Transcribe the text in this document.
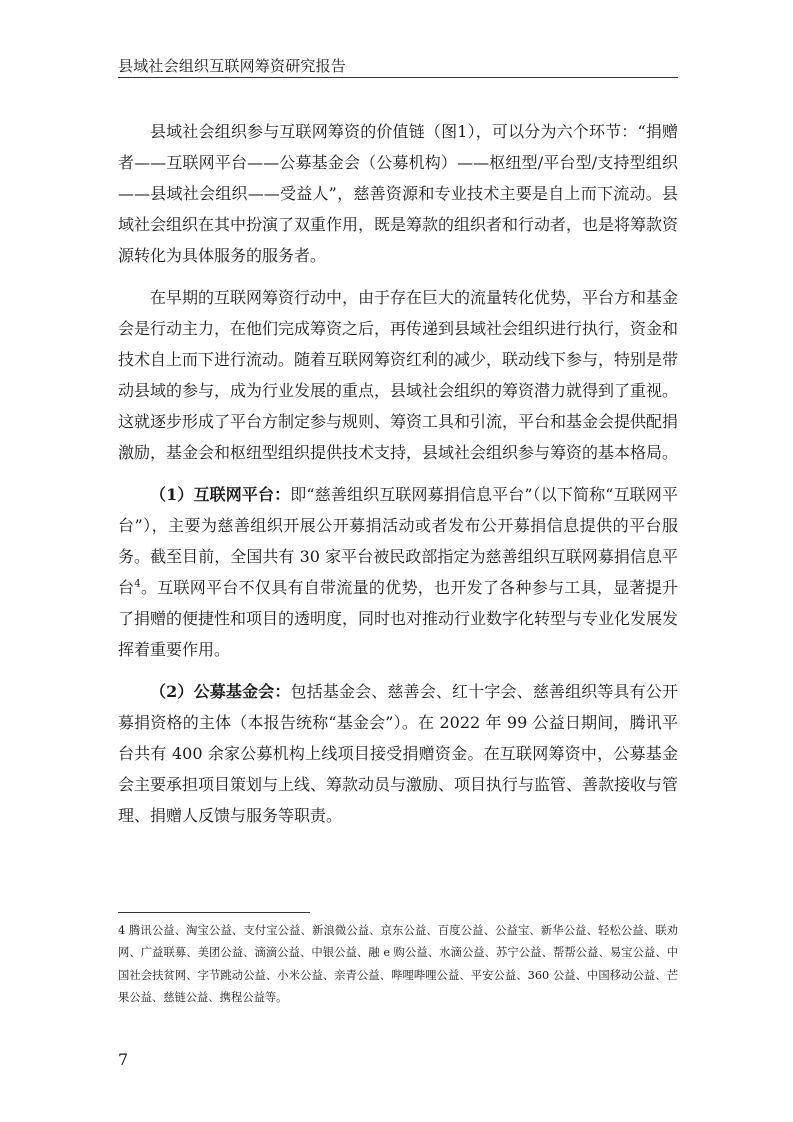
县域社会组织互联网筹资研究报告

县域社会组织参与互联网筹资的价值链（图1），可以分为六个环节：“捐赠者——互联网平台——公募基金会（公募机构）——枢纽型/平台型/支持型组织——县域社会组织——受益人”，慈善资源和专业技术主要是自上而下流动。县域社会组织在其中扮演了双重作用，既是筹款的组织者和行动者，也是将筹款资源转化为具体服务的服务者。

在早期的互联网筹资行动中，由于存在巨大的流量转化优势，平台方和基金会是行动主力，在他们完成筹资之后，再传递到县域社会组织进行执行，资金和技术自上而下进行流动。随着互联网筹资红利的减少，联动线下参与，特别是带动县域的参与，成为行业发展的重点，县域社会组织的筹资潜力就得到了重视。这就逐步形成了平台方制定参与规则、筹资工具和引流，平台和基金会提供配捐激励，基金会和枢纽型组织提供技术支持，县域社会组织参与筹资的基本格局。

（1）互联网平台：即“慈善组织互联网募捐信息平台”（以下简称“互联网平台”），主要为慈善组织开展公开募捐活动或者发布公开募捐信息提供的平台服务。截至目前，全国共有 30 家平台被民政部指定为慈善组织互联网募捐信息平台$^4$。互联网平台不仅具有自带流量的优势，也开发了各种参与工具，显著提升了捐赠的便捷性和项目的透明度，同时也对推动行业数字化转型与专业化发展发挥着重要作用。

（2）公募基金会：包括基金会、慈善会、红十字会、慈善组织等具有公开募捐资格的主体（本报告统称“基金会”）。在 2022 年 99 公益日期间，腾讯平台共有 400 余家公募机构上线项目接受捐赠资金。在互联网筹资中，公募基金会主要承担项目策划与上线、筹款动员与激励、项目执行与监管、善款接收与管理、捐赠人反馈与服务等职责。

4 腾讯公益、淘宝公益、支付宝公益、新浪微公益、京东公益、百度公益、公益宝、新华公益、轻松公益、联劝网、广益联募、美团公益、滴滴公益、中银公益、融 e 购公益、水滴公益、苏宁公益、帮帮公益、易宝公益、中国社会扶贫网、字节跳动公益、小米公益、亲青公益、哔哩哔哩公益、平安公益、360 公益、中国移动公益、芒果公益、慈链公益、携程公益等。
7
